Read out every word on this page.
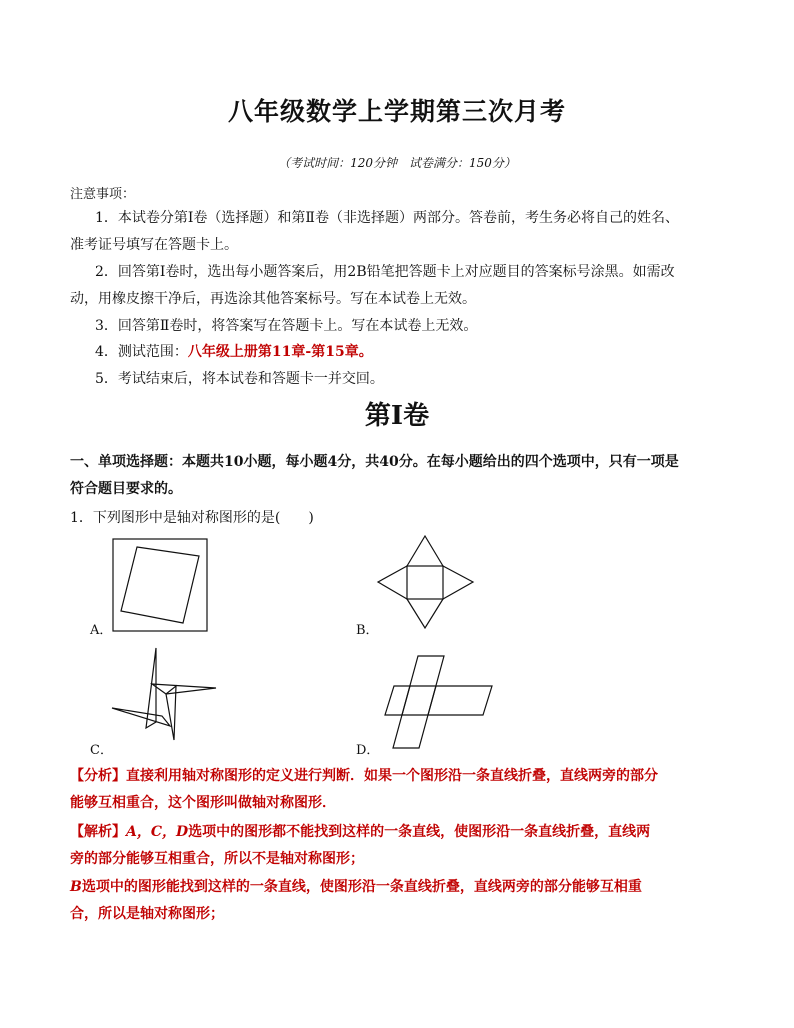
八年级数学上学期第三次月考
（考试时间：120分钟　试卷满分：150分）
注意事项：
1．本试卷分第Ⅰ卷（选择题）和第Ⅱ卷（非选择题）两部分。答卷前，考生务必将自己的姓名、
准考证号填写在答题卡上。
2．回答第Ⅰ卷时，选出每小题答案后，用2B铅笔把答题卡上对应题目的答案标号涂黑。如需改
动，用橡皮擦干净后，再选涂其他答案标号。写在本试卷上无效。
3．回答第Ⅱ卷时，将答案写在答题卡上。写在本试卷上无效。
4．测试范围：八年级上册第11章-第15章。
5．考试结束后，将本试卷和答题卡一并交回。
第Ⅰ卷
一、单项选择题：本题共10小题，每小题4分，共40分。在每小题给出的四个选项中，只有一项是
符合题目要求的。
1．下列图形中是轴对称图形的是(　　)
A．	B．
C．	D．
【分析】直接利用轴对称图形的定义进行判断．如果一个图形沿一条直线折叠，直线两旁的部分
能够互相重合，这个图形叫做轴对称图形．
【解析】A，C，D选项中的图形都不能找到这样的一条直线，使图形沿一条直线折叠，直线两
旁的部分能够互相重合，所以不是轴对称图形；
B选项中的图形能找到这样的一条直线，使图形沿一条直线折叠，直线两旁的部分能够互相重
合，所以是轴对称图形；
